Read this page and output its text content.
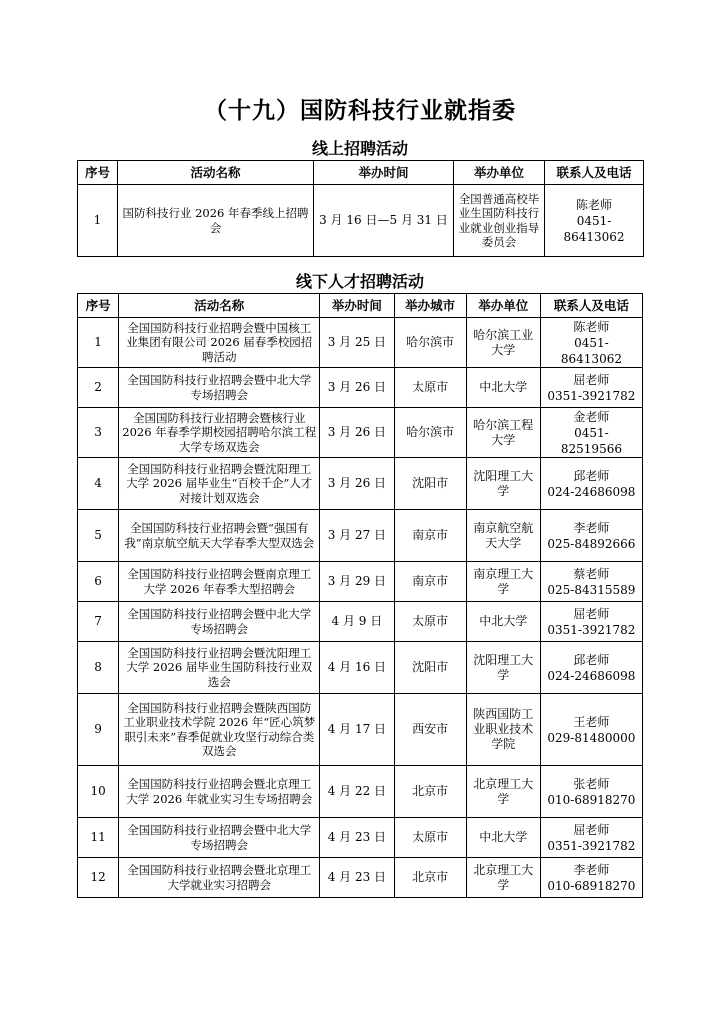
（十九）国防科技行业就指委
线上招聘活动
序号	活动名称	举办时间	举办单位	联系人及电话
1	国防科技行业 2026 年春季线上招聘会	3 月 16 日—5 月 31 日	全国普通高校毕业生国防科技行业就业创业指导委员会	陈老师
0451-86413062
线下人才招聘活动
序号	活动名称	举办时间	举办城市	举办单位	联系人及电话
1	全国国防科技行业招聘会暨中国核工业集团有限公司 2026 届春季校园招聘活动	3 月 25 日	哈尔滨市	哈尔滨工业大学	陈老师
0451-86413062

2	全国国防科技行业招聘会暨中北大学专场招聘会	3 月 26 日	太原市	中北大学	屈老师
0351-3921782

3	全国国防科技行业招聘会暨核行业 2026 年春季学期校园招聘哈尔滨工程大学专场双选会	3 月 26 日	哈尔滨市	哈尔滨工程大学	金老师
0451-82519566

4	全国国防科技行业招聘会暨沈阳理工大学 2026 届毕业生“百校千企”人才对接计划双选会	3 月 26 日	沈阳市	沈阳理工大学	邱老师
024-24686098

5	全国国防科技行业招聘会暨“强国有我”南京航空航天大学春季大型双选会	3 月 27 日	南京市	南京航空航天大学	李老师
025-84892666

6	全国国防科技行业招聘会暨南京理工大学 2026 年春季大型招聘会	3 月 29 日	南京市	南京理工大学	蔡老师
025-84315589

7	全国国防科技行业招聘会暨中北大学专场招聘会	4 月 9 日	太原市	中北大学	屈老师
0351-3921782

8	全国国防科技行业招聘会暨沈阳理工大学 2026 届毕业生国防科技行业双选会	4 月 16 日	沈阳市	沈阳理工大学	邱老师
024-24686098

9	全国国防科技行业招聘会暨陕西国防工业职业技术学院 2026 年“匠心筑梦 职引未来”春季促就业攻坚行动综合类双选会	4 月 17 日	西安市	陕西国防工业职业技术学院	王老师
029-81480000

10	全国国防科技行业招聘会暨北京理工大学 2026 年就业实习生专场招聘会	4 月 22 日	北京市	北京理工大学	张老师
010-68918270

11	全国国防科技行业招聘会暨中北大学专场招聘会	4 月 23 日	太原市	中北大学	屈老师
0351-3921782

12	全国国防科技行业招聘会暨北京理工大学就业实习招聘会	4 月 23 日	北京市	北京理工大学	李老师
010-68918270
